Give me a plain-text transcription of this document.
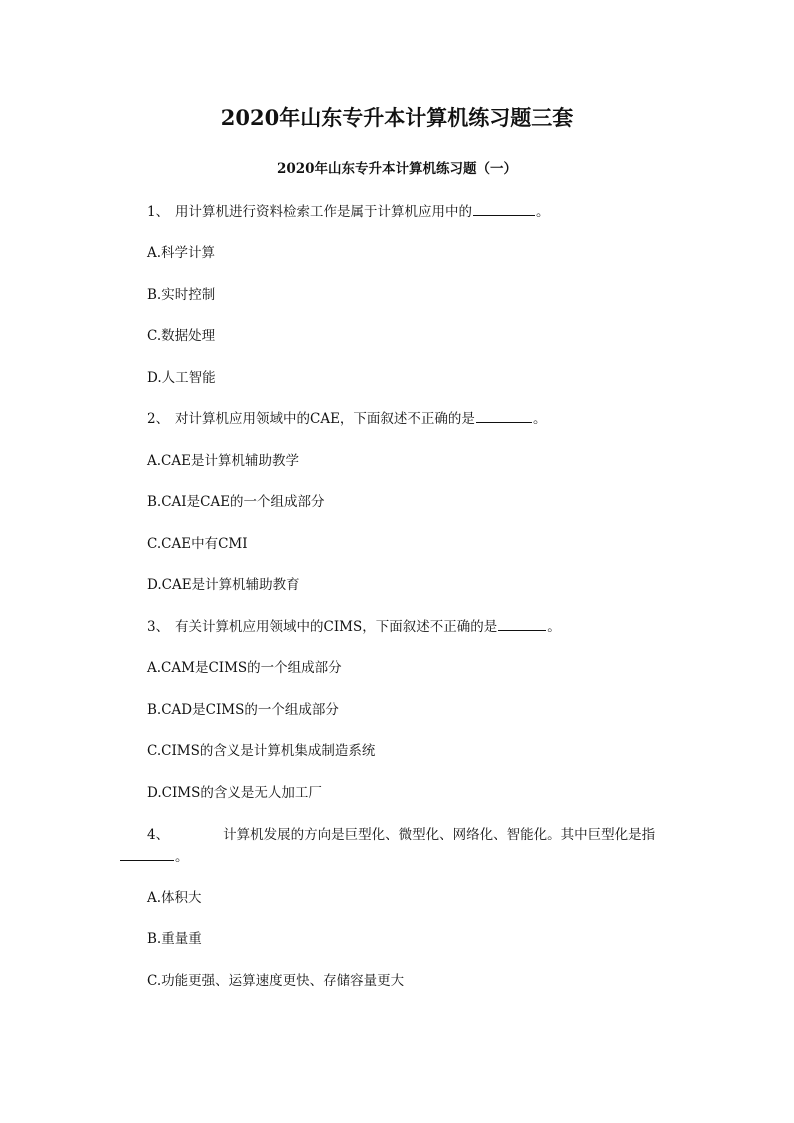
2020年山东专升本计算机练习题三套
2020年山东专升本计算机练习题（一）
1、 用计算机进行资料检索工作是属于计算机应用中的	。
A.科学计算
B.实时控制
C.数据处理
D.人工智能
2、 对计算机应用领域中的CAE，下面叙述不正确的是	。
A.CAE是计算机辅助教学
B.CAI是CAE的一个组成部分
C.CAE中有CMI
D.CAE是计算机辅助教育
3、 有关计算机应用领域中的CIMS，下面叙述不正确的是	。
A.CAM是CIMS的一个组成部分
B.CAD是CIMS的一个组成部分
C.CIMS的含义是计算机集成制造系统
D.CIMS的含义是无人加工厂
4、	计算机发展的方向是巨型化、微型化、网络化、智能化。其中巨型化是指
。
A.体积大
B.重量重
C.功能更强、运算速度更快、存储容量更大
